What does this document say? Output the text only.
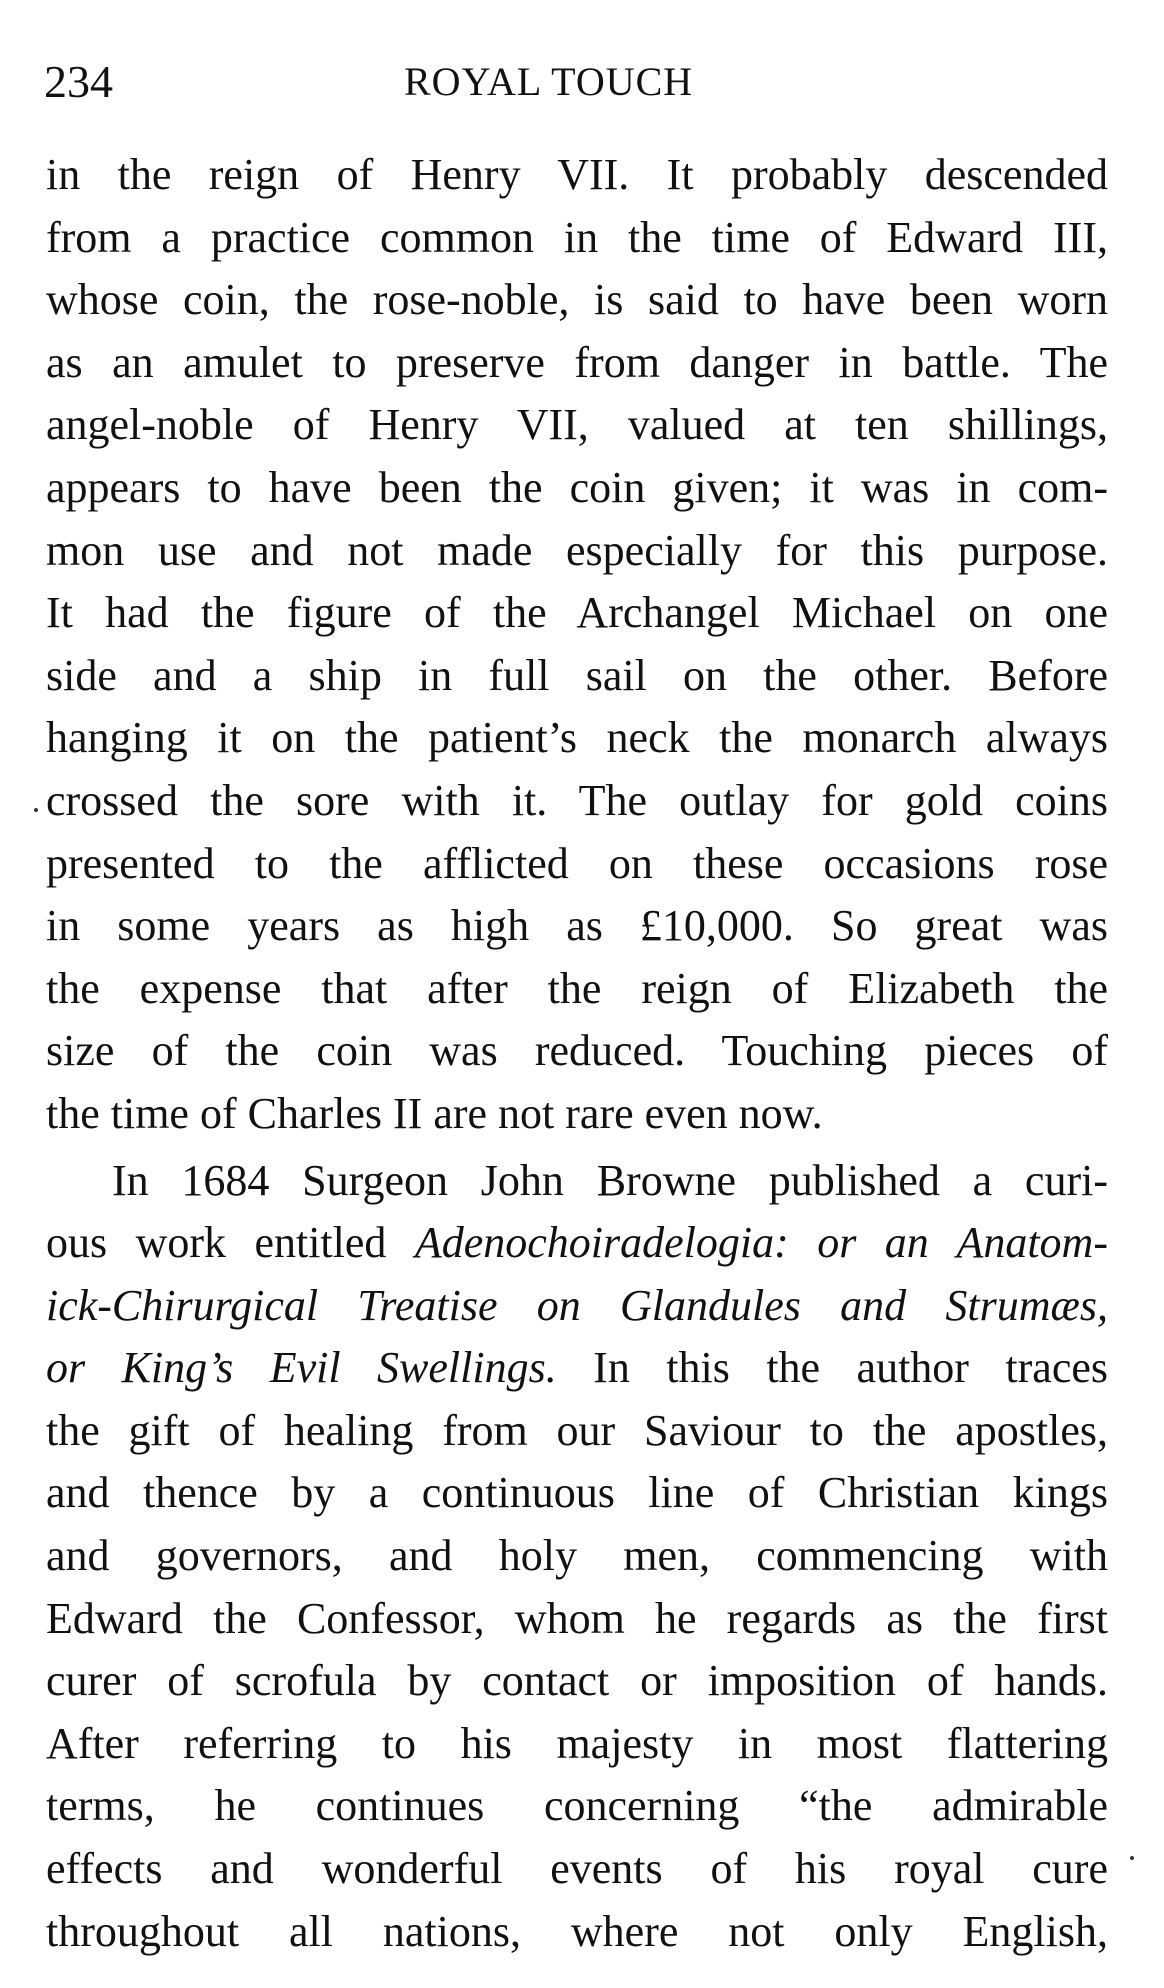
234	ROYAL TOUCH
in the reign of Henry VII. It probably descended
from a practice common in the time of Edward III,
whose coin, the rose-noble, is said to have been worn
as an amulet to preserve from danger in battle. The
angel-noble of Henry VII, valued at ten shillings,
appears to have been the coin given; it was in com-
mon use and not made especially for this purpose.
It had the figure of the Archangel Michael on one
side and a ship in full sail on the other. Before
hanging it on the patient’s neck the monarch always
crossed the sore with it. The outlay for gold coins
presented to the afflicted on these occasions rose
in some years as high as £10,000. So great was
the expense that after the reign of Elizabeth the
size of the coin was reduced. Touching pieces of
the time of Charles II are not rare even now.
In 1684 Surgeon John Browne published a curi-
ous work entitled Adenochoiradelogia: or an Anatom-
ick-Chirurgical Treatise on Glandules and Strumæs,
or King’s Evil Swellings. In this the author traces
the gift of healing from our Saviour to the apostles,
and thence by a continuous line of Christian kings
and governors, and holy men, commencing with
Edward the Confessor, whom he regards as the first
curer of scrofula by contact or imposition of hands.
After referring to his majesty in most flattering
terms, he continues concerning “the admirable
effects and wonderful events of his royal cure
throughout all nations, where not only English,
